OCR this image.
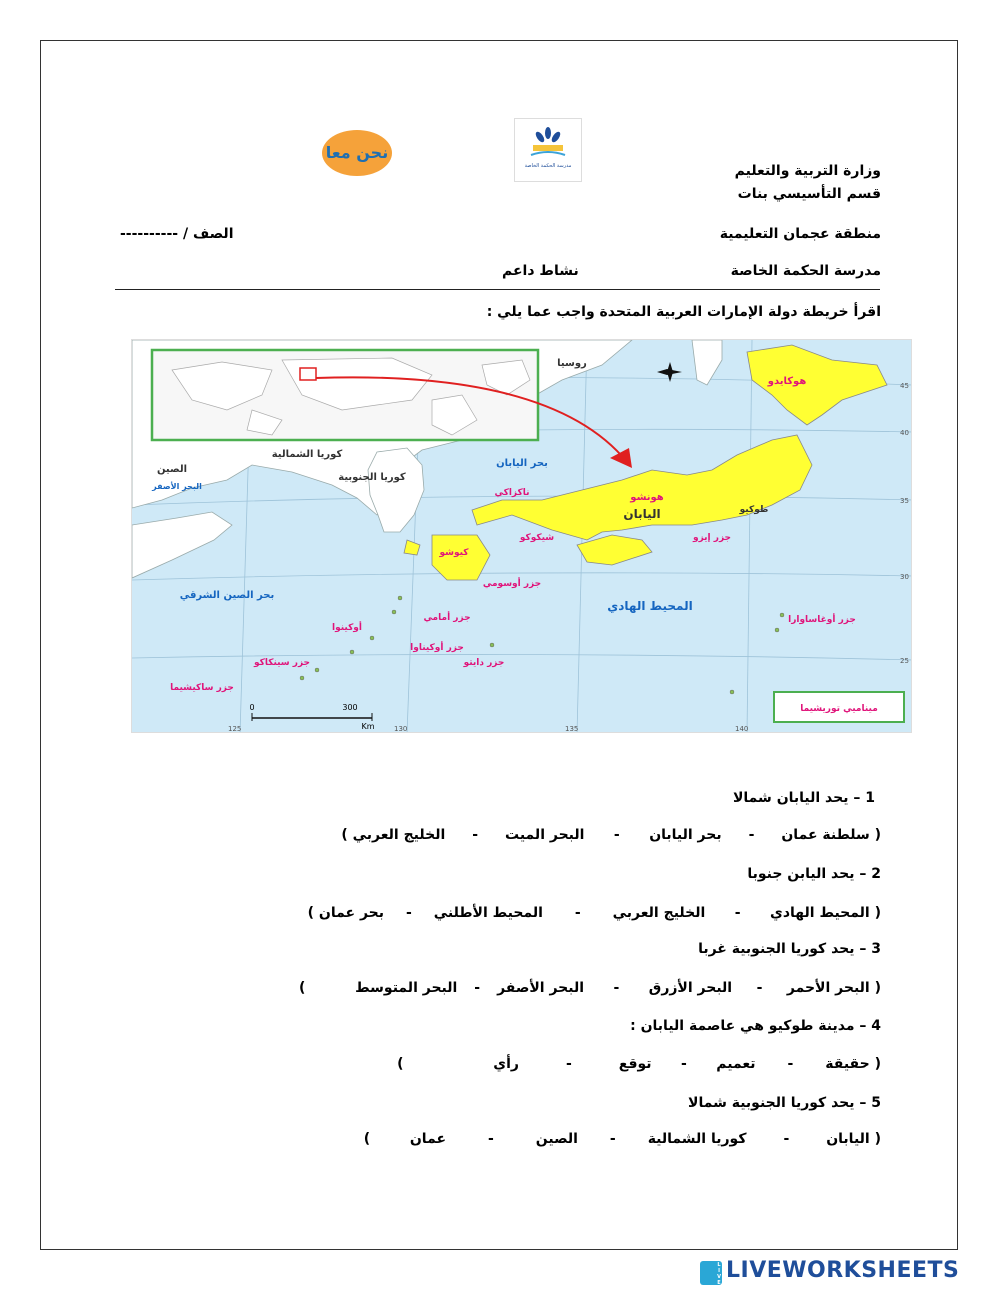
نحن معا
مدرسة الحكمة الخاصة	وزارة التربية والتعليم
قسم التأسيسي بنات
منطقة عجمان التعليمية
الصف / ----------
مدرسة الحكمة الخاصة
نشاط داعم
اقرأ خريطة دولة الإمارات العربية المتحدة واجب عما يلي :
روسيا
هوكايدو
كوريا الشمالية
الصين
كوريا الجنوبية
البحر الأصفر
بحر اليابان
ناكزاكي	هونشو
اليابان	طوكيو
شيكوكو
كيوشو
جزر إيزو
جزر أوسومي
بحر الصين الشرقي
المحيط الهادي
جزر أوغاساوارا
جزر أمامي
أوكينوا
جزر أوكيناوا
جزر دايتو
جزر سينكاكو
جزر ساكيشيما
ميناميي توريشيما
0	300
Km
125	130	135	140
45
40
35
30
25
1 – يحد اليابان شمالا
( سلطنة عمان - بحر اليابان - البحر الميت - الخليج العربي )
2 – يحد اليابن جنوبا
( المحيط الهادي - الخليج العربي - المحيط الأطلني - بحر عمان )
3 – يحد كوريا الجنوبية غربا
( البحر الأحمر - البحر الأزرق - البحر الأصفر - البحر المتوسط  )
4 – مدينة طوكيو هي عاصمة اليابان :
( حقيقة - تعميم - توقع - رأي  )
5 – يحد كوريا الجنوبية شمالا
( اليابان - كوريا الشمالية - الصين - عمان  )
LIVE LIVEWORKSHEETS
